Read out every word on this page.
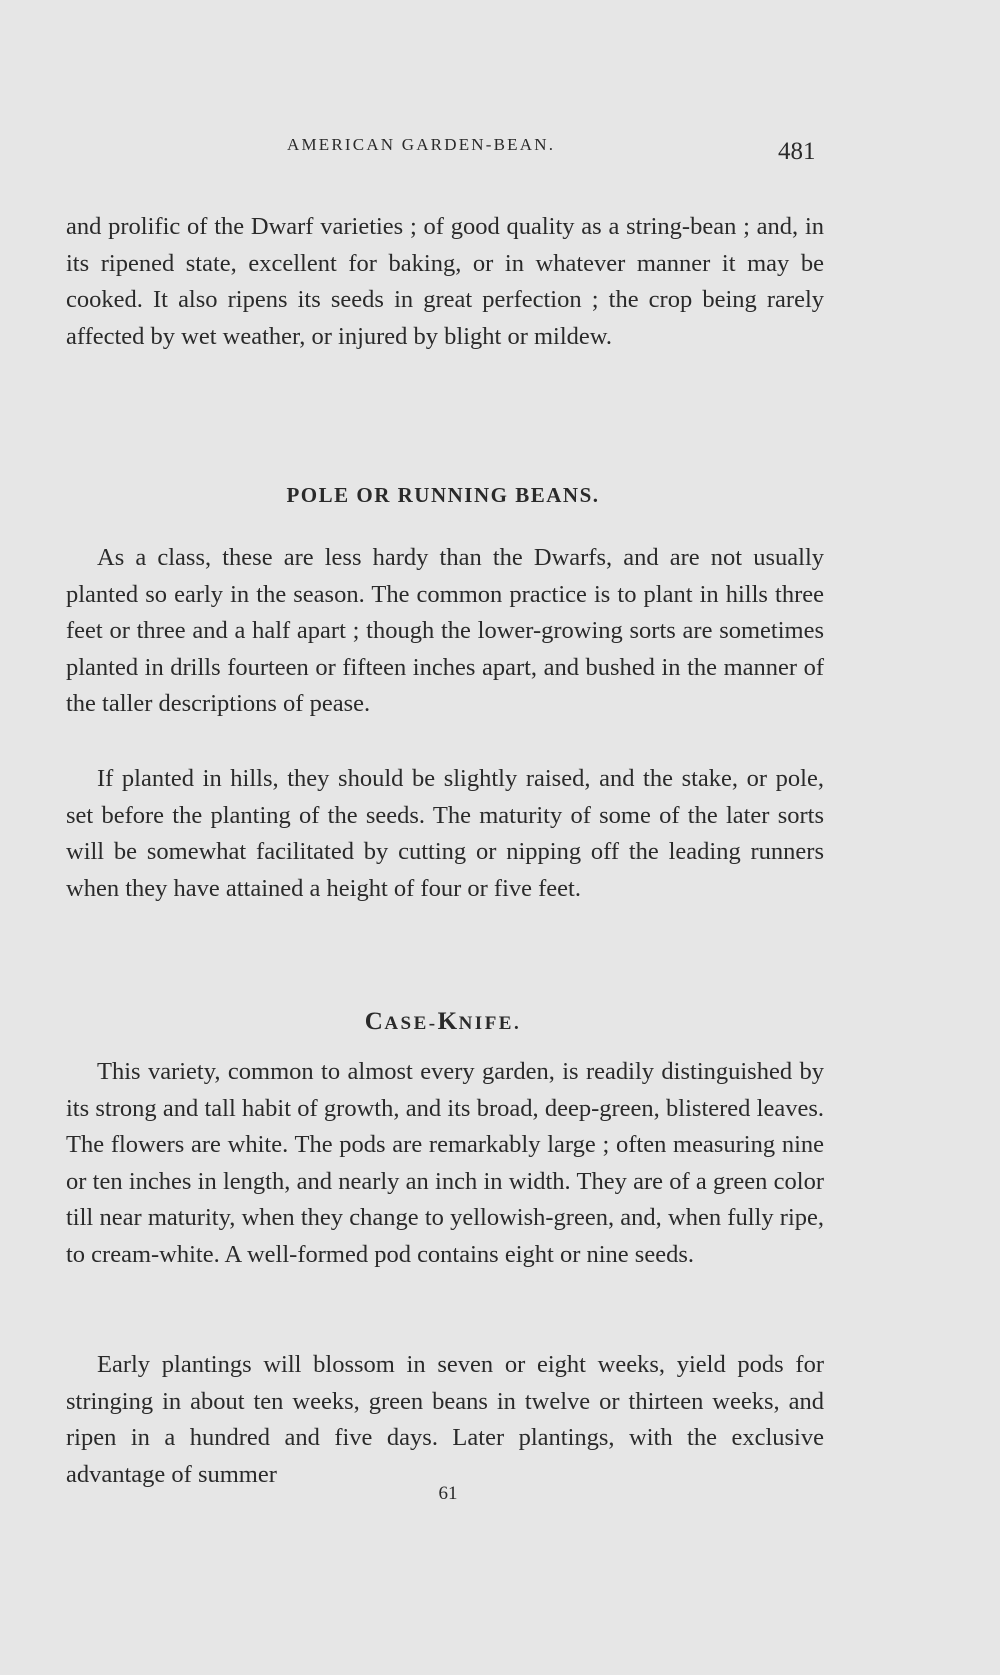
AMERICAN GARDEN-BEAN.	481

and prolific of the Dwarf varieties ; of good quality as a string-bean ; and, in its ripened state, excellent for baking, or in whatever manner it may be cooked. It also ripens its seeds in great perfection ; the crop being rarely affected by wet weather, or injured by blight or mildew.

POLE OR RUNNING BEANS.

As a class, these are less hardy than the Dwarfs, and are not usually planted so early in the season. The common practice is to plant in hills three feet or three and a half apart ; though the lower-growing sorts are sometimes planted in drills fourteen or fifteen inches apart, and bushed in the manner of the taller descriptions of pease.

If planted in hills, they should be slightly raised, and the stake, or pole, set before the planting of the seeds. The maturity of some of the later sorts will be somewhat facilitated by cutting or nipping off the leading runners when they have attained a height of four or five feet.

CASE-KNIFE.

This variety, common to almost every garden, is readily distinguished by its strong and tall habit of growth, and its broad, deep-green, blistered leaves. The flowers are white. The pods are remarkably large ; often measuring nine or ten inches in length, and nearly an inch in width. They are of a green color till near maturity, when they change to yellowish-green, and, when fully ripe, to cream-white. A well-formed pod contains eight or nine seeds.

Early plantings will blossom in seven or eight weeks, yield pods for stringing in about ten weeks, green beans in twelve or thirteen weeks, and ripen in a hundred and five days. Later plantings, with the exclusive advantage of summer

61
